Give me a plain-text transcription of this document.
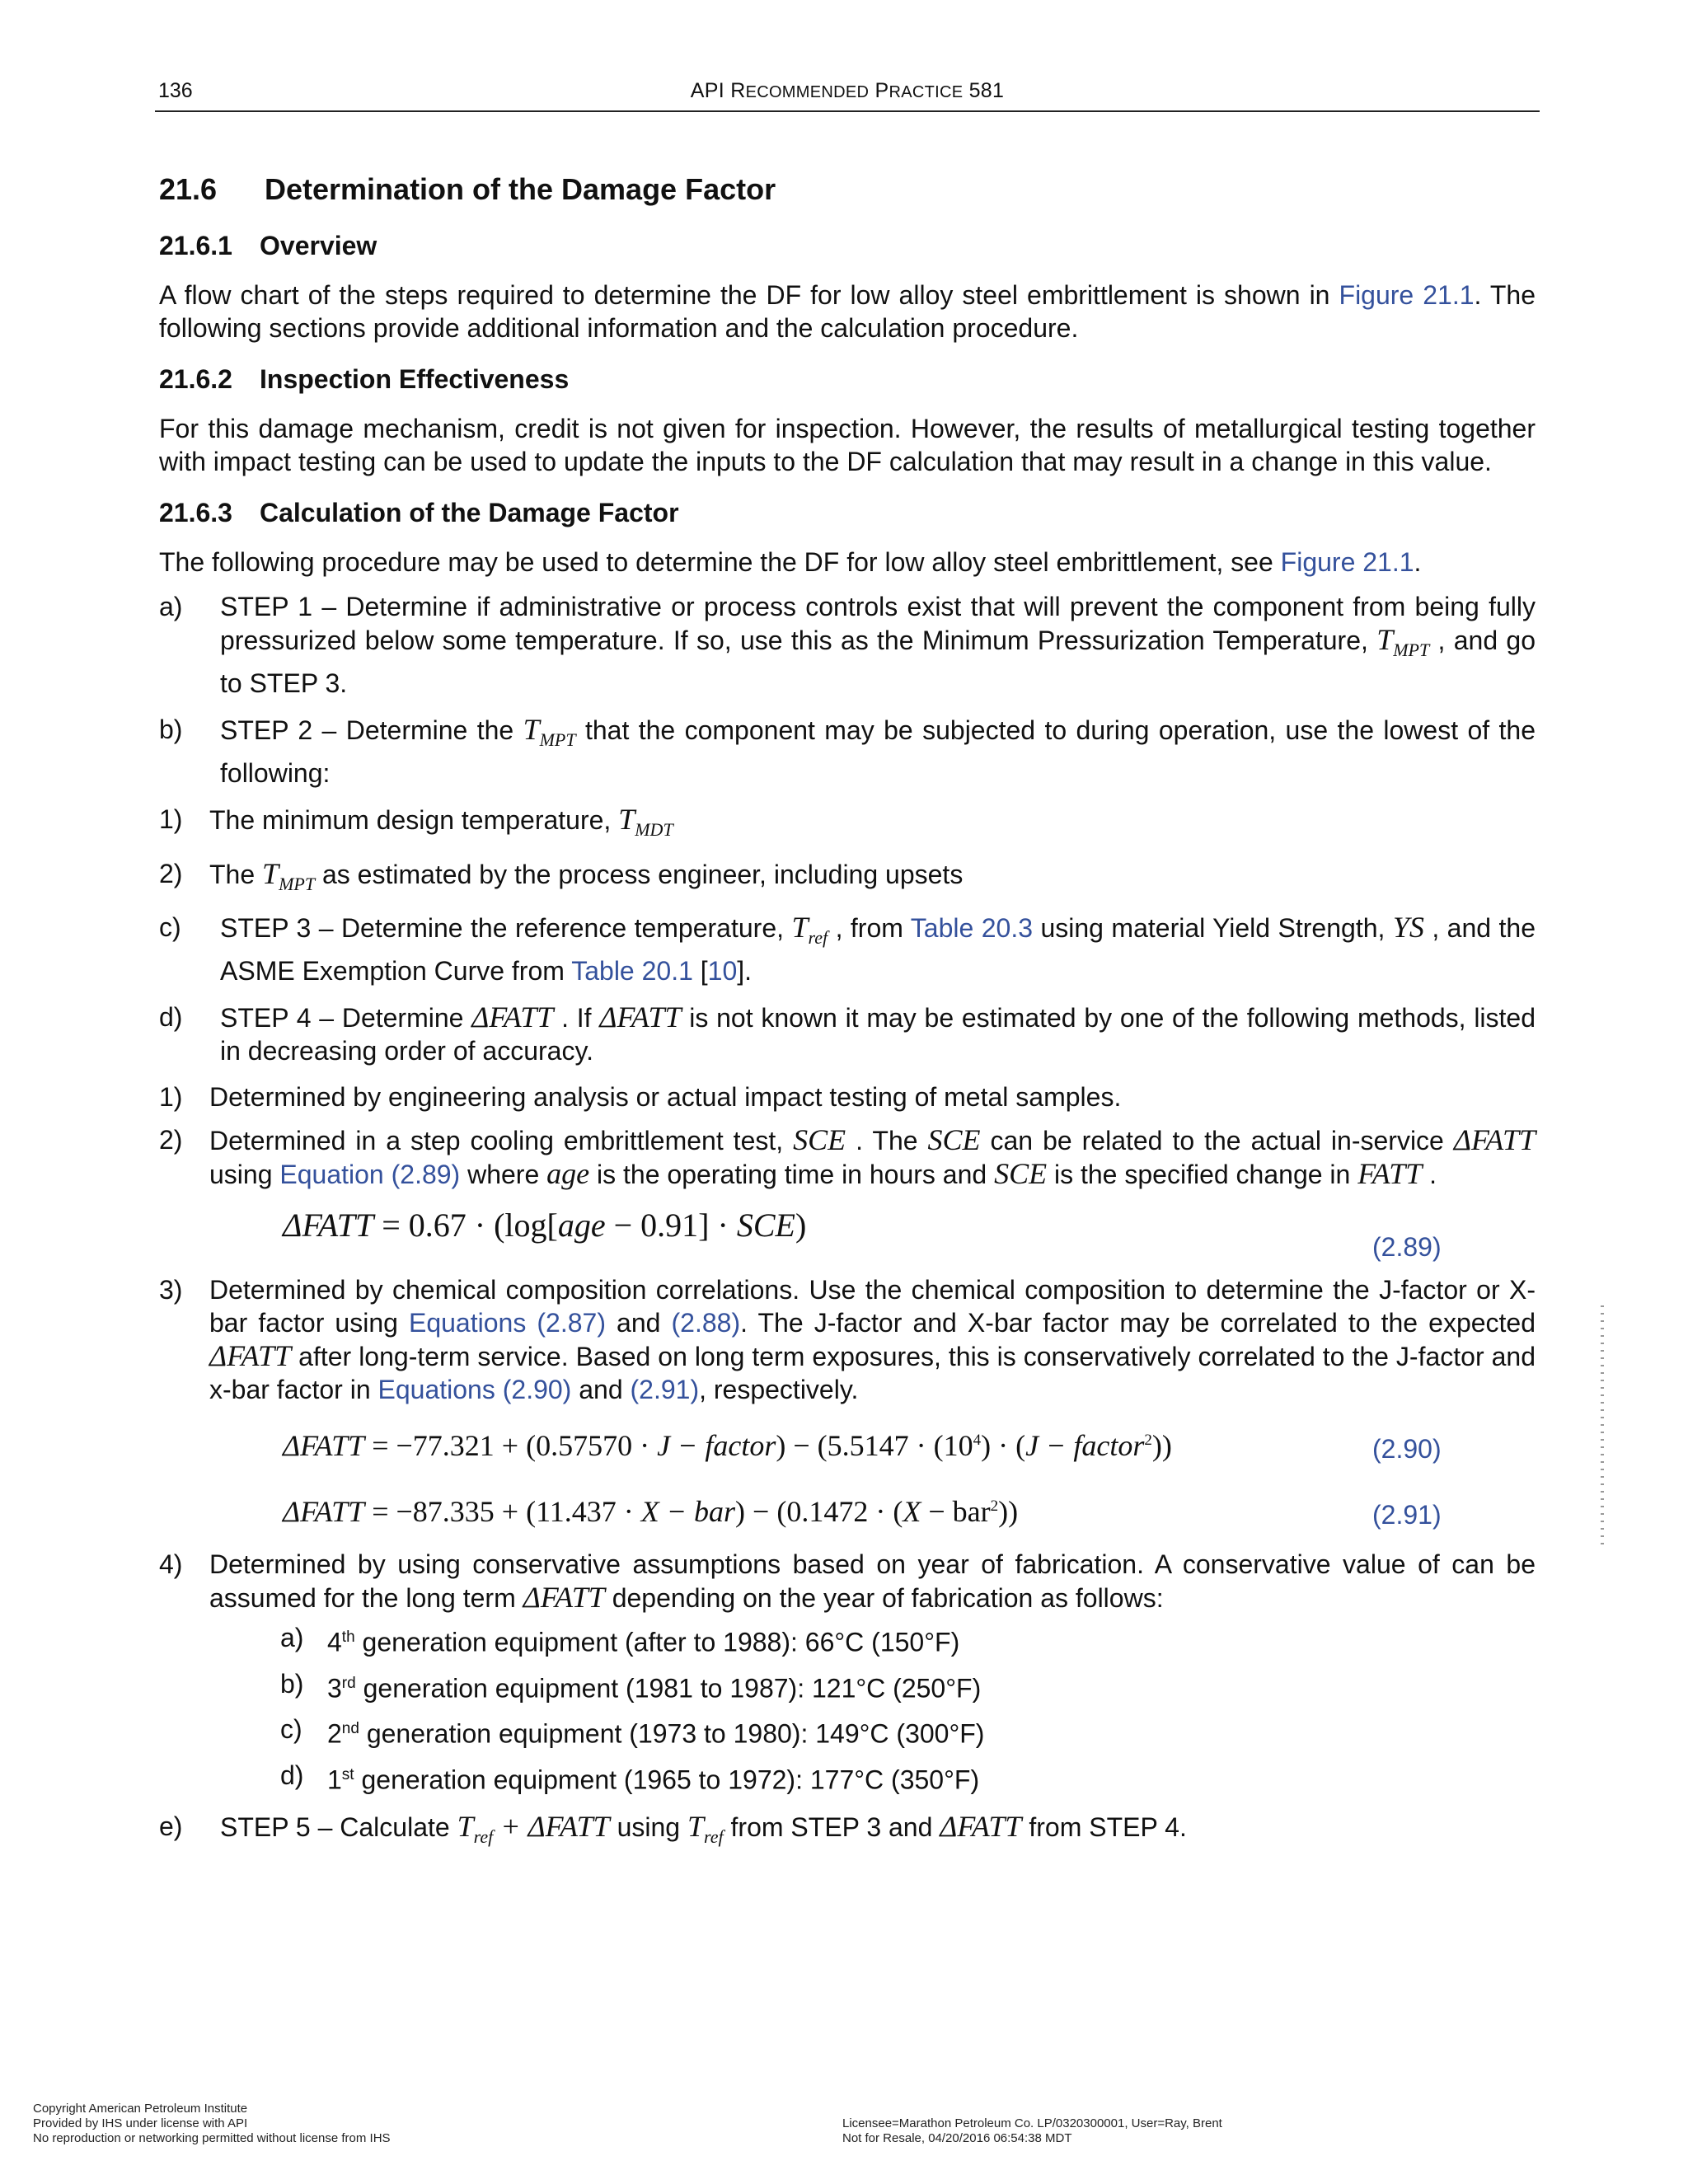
136	API RECOMMENDED PRACTICE 581
21.6 Determination of the Damage Factor
21.6.1 Overview

A flow chart of the steps required to determine the DF for low alloy steel embrittlement is shown in Figure 21.1. The following sections provide additional information and the calculation procedure.

21.6.2 Inspection Effectiveness

For this damage mechanism, credit is not given for inspection. However, the results of metallurgical testing together with impact testing can be used to update the inputs to the DF calculation that may result in a change in this value.

21.6.3 Calculation of the Damage Factor

The following procedure may be used to determine the DF for low alloy steel embrittlement, see Figure 21.1.

a) STEP 1 – Determine if administrative or process controls exist that will prevent the component from being fully pressurized below some temperature. If so, use this as the Minimum Pressurization Temperature, $T_{MPT}$ , and go to STEP 3.
b) STEP 2 – Determine the $T_{MPT}$ that the component may be subjected to during operation, use the lowest of the following:
1) The minimum design temperature, $T_{MDT}$
2) The $T_{MPT}$ as estimated by the process engineer, including upsets
c) STEP 3 – Determine the reference temperature, $T_{ref}$ , from Table 20.3 using material Yield Strength, YS , and the ASME Exemption Curve from Table 20.1 [10].
d) STEP 4 – Determine ΔFATT . If ΔFATT is not known it may be estimated by one of the following methods, listed in decreasing order of accuracy.
1) Determined by engineering analysis or actual impact testing of metal samples.
2) Determined in a step cooling embrittlement test, SCE . The SCE can be related to the actual in-service ΔFATT using Equation (2.89) where age is the operating time in hours and SCE is the specified change in FATT .
ΔFATT = 0.67 · (log[age − 0.91] · SCE)
(2.89)
3) Determined by chemical composition correlations. Use the chemical composition to determine the J-factor or X-bar factor using Equations (2.87) and (2.88). The J-factor and X-bar factor may be correlated to the expected ΔFATT after long-term service. Based on long term exposures, this is conservatively correlated to the J-factor and x-bar factor in Equations (2.90) and (2.91), respectively.
ΔFATT = −77.321 + (0.57570 · J − factor) − ($5.5147 \cdot (10^4) \cdot (J$ − factor$^2$))	(2.90)
ΔFATT = −87.335 + (11.437 · X − bar) − (0.1472 · (X − bar$^2$))	(2.91)
4) Determined by using conservative assumptions based on year of fabrication. A conservative value of can be assumed for the long term ΔFATT depending on the year of fabrication as follows:
a) 4th generation equipment (after to 1988): 66°C (150°F)
b) 3rd generation equipment (1981 to 1987): 121°C (250°F)
c) 2nd generation equipment (1973 to 1980): 149°C (300°F)
d) 1st generation equipment (1965 to 1972): 177°C (350°F)
e) STEP 5 – Calculate $T_{ref}$ + ΔFATT using $T_{ref}$ from STEP 3 and ΔFATT from STEP 4.
Copyright American Petroleum Institute
Provided by IHS under license with API
No reproduction or networking permitted without license from IHS
Licensee=Marathon Petroleum Co. LP/0320300001, User=Ray, Brent
Not for Resale, 04/20/2016 06:54:38 MDT
